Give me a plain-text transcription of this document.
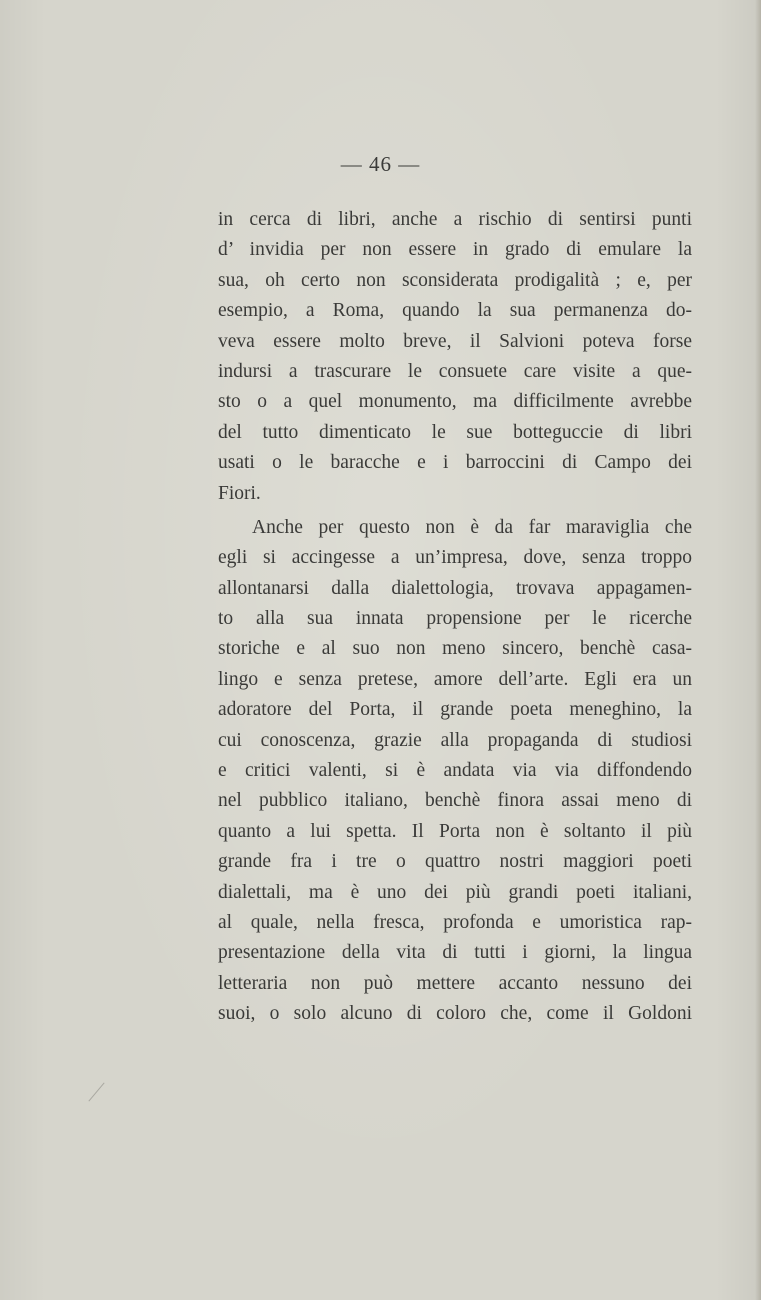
— 46 —
in cerca di libri, anche a rischio di sentirsi punti
d’ invidia per non essere in grado di emulare la
sua, oh certo non sconsiderata prodigalità ; e, per
esempio, a Roma, quando la sua permanenza do-
veva essere molto breve, il Salvioni poteva forse
indursi a trascurare le consuete care visite a que-
sto o a quel monumento, ma difficilmente avrebbe
del tutto dimenticato le sue botteguccie di libri
usati o le baracche e i barroccini di Campo dei
Fiori.
Anche per questo non è da far maraviglia che
egli si accingesse a un’impresa, dove, senza troppo
allontanarsi dalla dialettologia, trovava appagamen-
to alla sua innata propensione per le ricerche
storiche e al suo non meno sincero, benchè casa-
lingo e senza pretese, amore dell’arte. Egli era un
adoratore del Porta, il grande poeta meneghino, la
cui conoscenza, grazie alla propaganda di studiosi
e critici valenti, si è andata via via diffondendo
nel pubblico italiano, benchè finora assai meno di
quanto a lui spetta. Il Porta non è soltanto il più
grande fra i tre o quattro nostri maggiori poeti
dialettali, ma è uno dei più grandi poeti italiani,
al quale, nella fresca, profonda e umoristica rap-
presentazione della vita di tutti i giorni, la lingua
letteraria non può mettere accanto nessuno dei
suoi, o solo alcuno di coloro che, come il Goldoni
